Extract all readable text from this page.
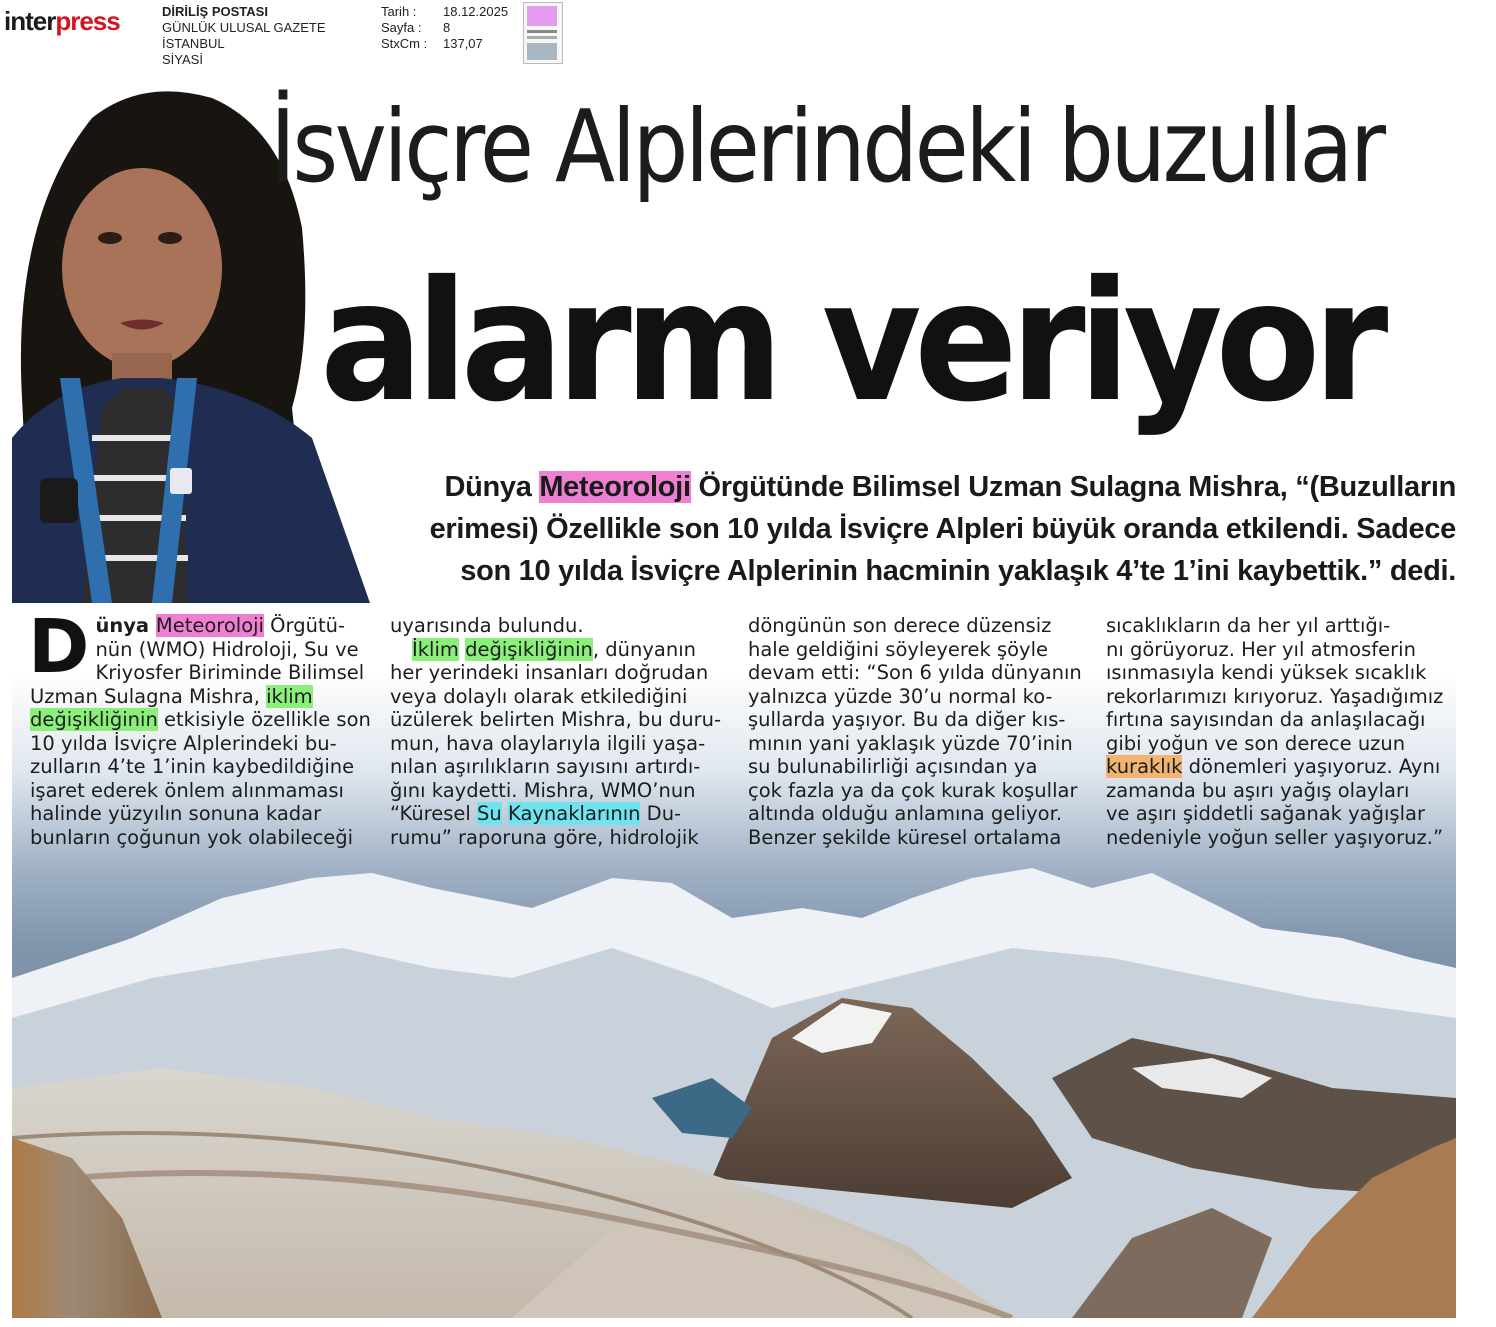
interpress	DİRİLİŞ POSTASI
GÜNLÜK ULUSAL GAZETE
İSTANBUL
SİYASİ
Tarih :	18.12.2025
Sayfa :	8
StxCm :	137,07
İsviçre Alplerindeki buzullar
alarm veriyor
Dünya Meteoroloji Örgütünde Bilimsel Uzman Sulagna Mishra, “(Buzulların erimesi) Özellikle son 10 yılda İsviçre Alpleri büyük oranda etkilendi. Sadece son 10 yılda İsviçre Alplerinin hacminin yaklaşık 4’te 1’ini kaybettik.” dedi.
D ünya Meteoroloji Örgütü-
nün (WMO) Hidroloji, Su ve
Kriyosfer Biriminde Bilimsel
Uzman Sulagna Mishra, iklim
değişikliğinin etkisiyle özellikle son
10 yılda İsviçre Alplerindeki bu-
zulların 4’te 1’inin kaybedildiğine
işaret ederek önlem alınmaması
halinde yüzyılın sonuna kadar
bunların çoğunun yok olabileceği
uyarısında bulundu.
İklim değişikliğinin, dünyanın
her yerindeki insanları doğrudan
veya dolaylı olarak etkilediğini
üzülerek belirten Mishra, bu duru-
mun, hava olaylarıyla ilgili yaşa-
nılan aşırılıkların sayısını artırdı-
ğını kaydetti. Mishra, WMO’nun
“Küresel Su Kaynaklarının Du-
rumu” raporuna göre, hidrolojik
döngünün son derece düzensiz
hale geldiğini söyleyerek şöyle
devam etti: “Son 6 yılda dünyanın
yalnızca yüzde 30’u normal ko-
şullarda yaşıyor. Bu da diğer kıs-
mının yani yaklaşık yüzde 70’inin
su bulunabilirliği açısından ya
çok fazla ya da çok kurak koşullar
altında olduğu anlamına geliyor.
Benzer şekilde küresel ortalama
sıcaklıkların da her yıl arttığı-
nı görüyoruz. Her yıl atmosferin
ısınmasıyla kendi yüksek sıcaklık
rekorlarımızı kırıyoruz. Yaşadığımız
fırtına sayısından da anlaşılacağı
gibi yoğun ve son derece uzun
kuraklık dönemleri yaşıyoruz. Aynı
zamanda bu aşırı yağış olayları
ve aşırı şiddetli sağanak yağışlar
nedeniyle yoğun seller yaşıyoruz.”
